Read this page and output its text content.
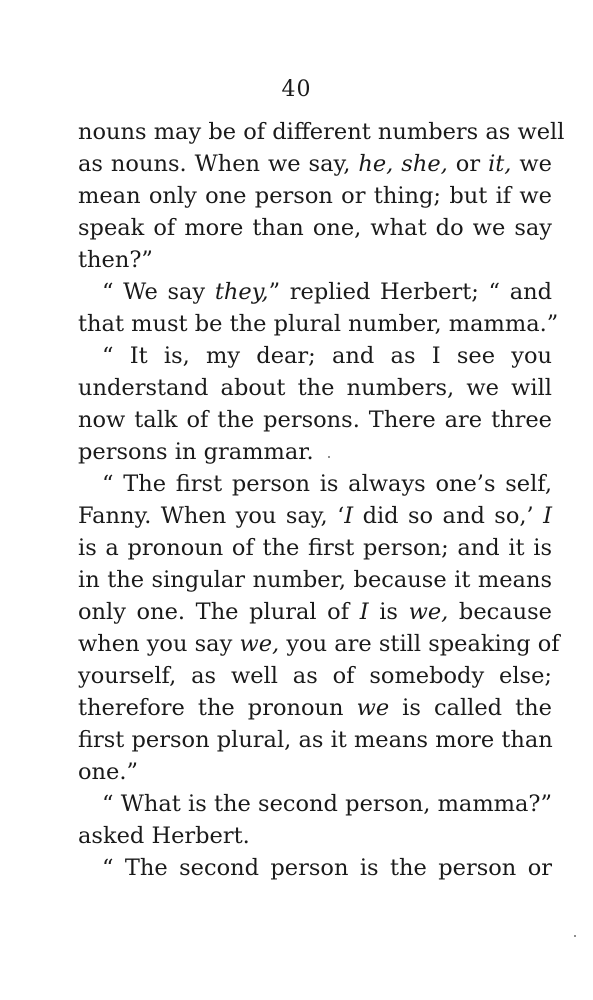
40
nouns may be of different numbers as well
as nouns. When we say, he, she, or it, we
mean only one person or thing; but if we
speak of more than one, what do we say
then?”
“ We say they,” replied Herbert; “ and
that must be the plural number, mamma.”
“ It is, my dear; and as I see you
understand about the numbers, we will
now talk of the persons. There are three
persons in grammar.
“ The first person is always one’s self,
Fanny. When you say, ‘I did so and so,’ I
is a pronoun of the first person; and it is
in the singular number, because it means
only one. The plural of I is we, because
when you say we, you are still speaking of
yourself, as well as of somebody else;
therefore the pronoun we is called the
first person plural, as it means more than
one.”
“ What is the second person, mamma?”
asked Herbert.
“ The second person is the person or
